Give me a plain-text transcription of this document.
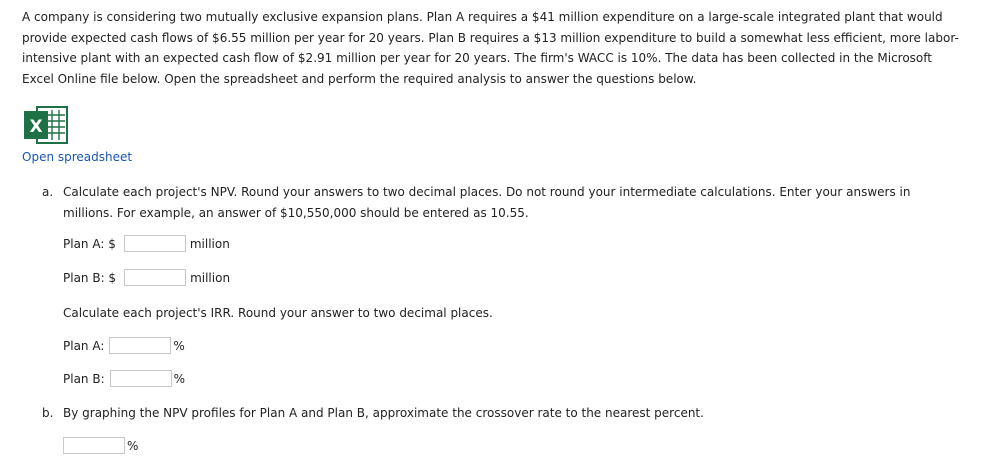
A company is considering two mutually exclusive expansion plans. Plan A requires a $41 million expenditure on a large-scale integrated plant that would provide expected cash flows of $6.55 million per year for 20 years. Plan B requires a $13 million expenditure to build a somewhat less efficient, more labor-intensive plant with an expected cash flow of $2.91 million per year for 20 years. The firm's WACC is 10%. The data has been collected in the Microsoft Excel Online file below. Open the spreadsheet and perform the required analysis to answer the questions below.

X
Open spreadsheet
a. Calculate each project's NPV. Round your answers to two decimal places. Do not round your intermediate calculations. Enter your answers in millions. For example, an answer of $10,550,000 should be entered as 10.55.
Plan A: $	million
Plan B: $	million
Calculate each project's IRR. Round your answer to two decimal places.
Plan A:	%
Plan B:	%
b. By graphing the NPV profiles for Plan A and Plan B, approximate the crossover rate to the nearest percent.
%
